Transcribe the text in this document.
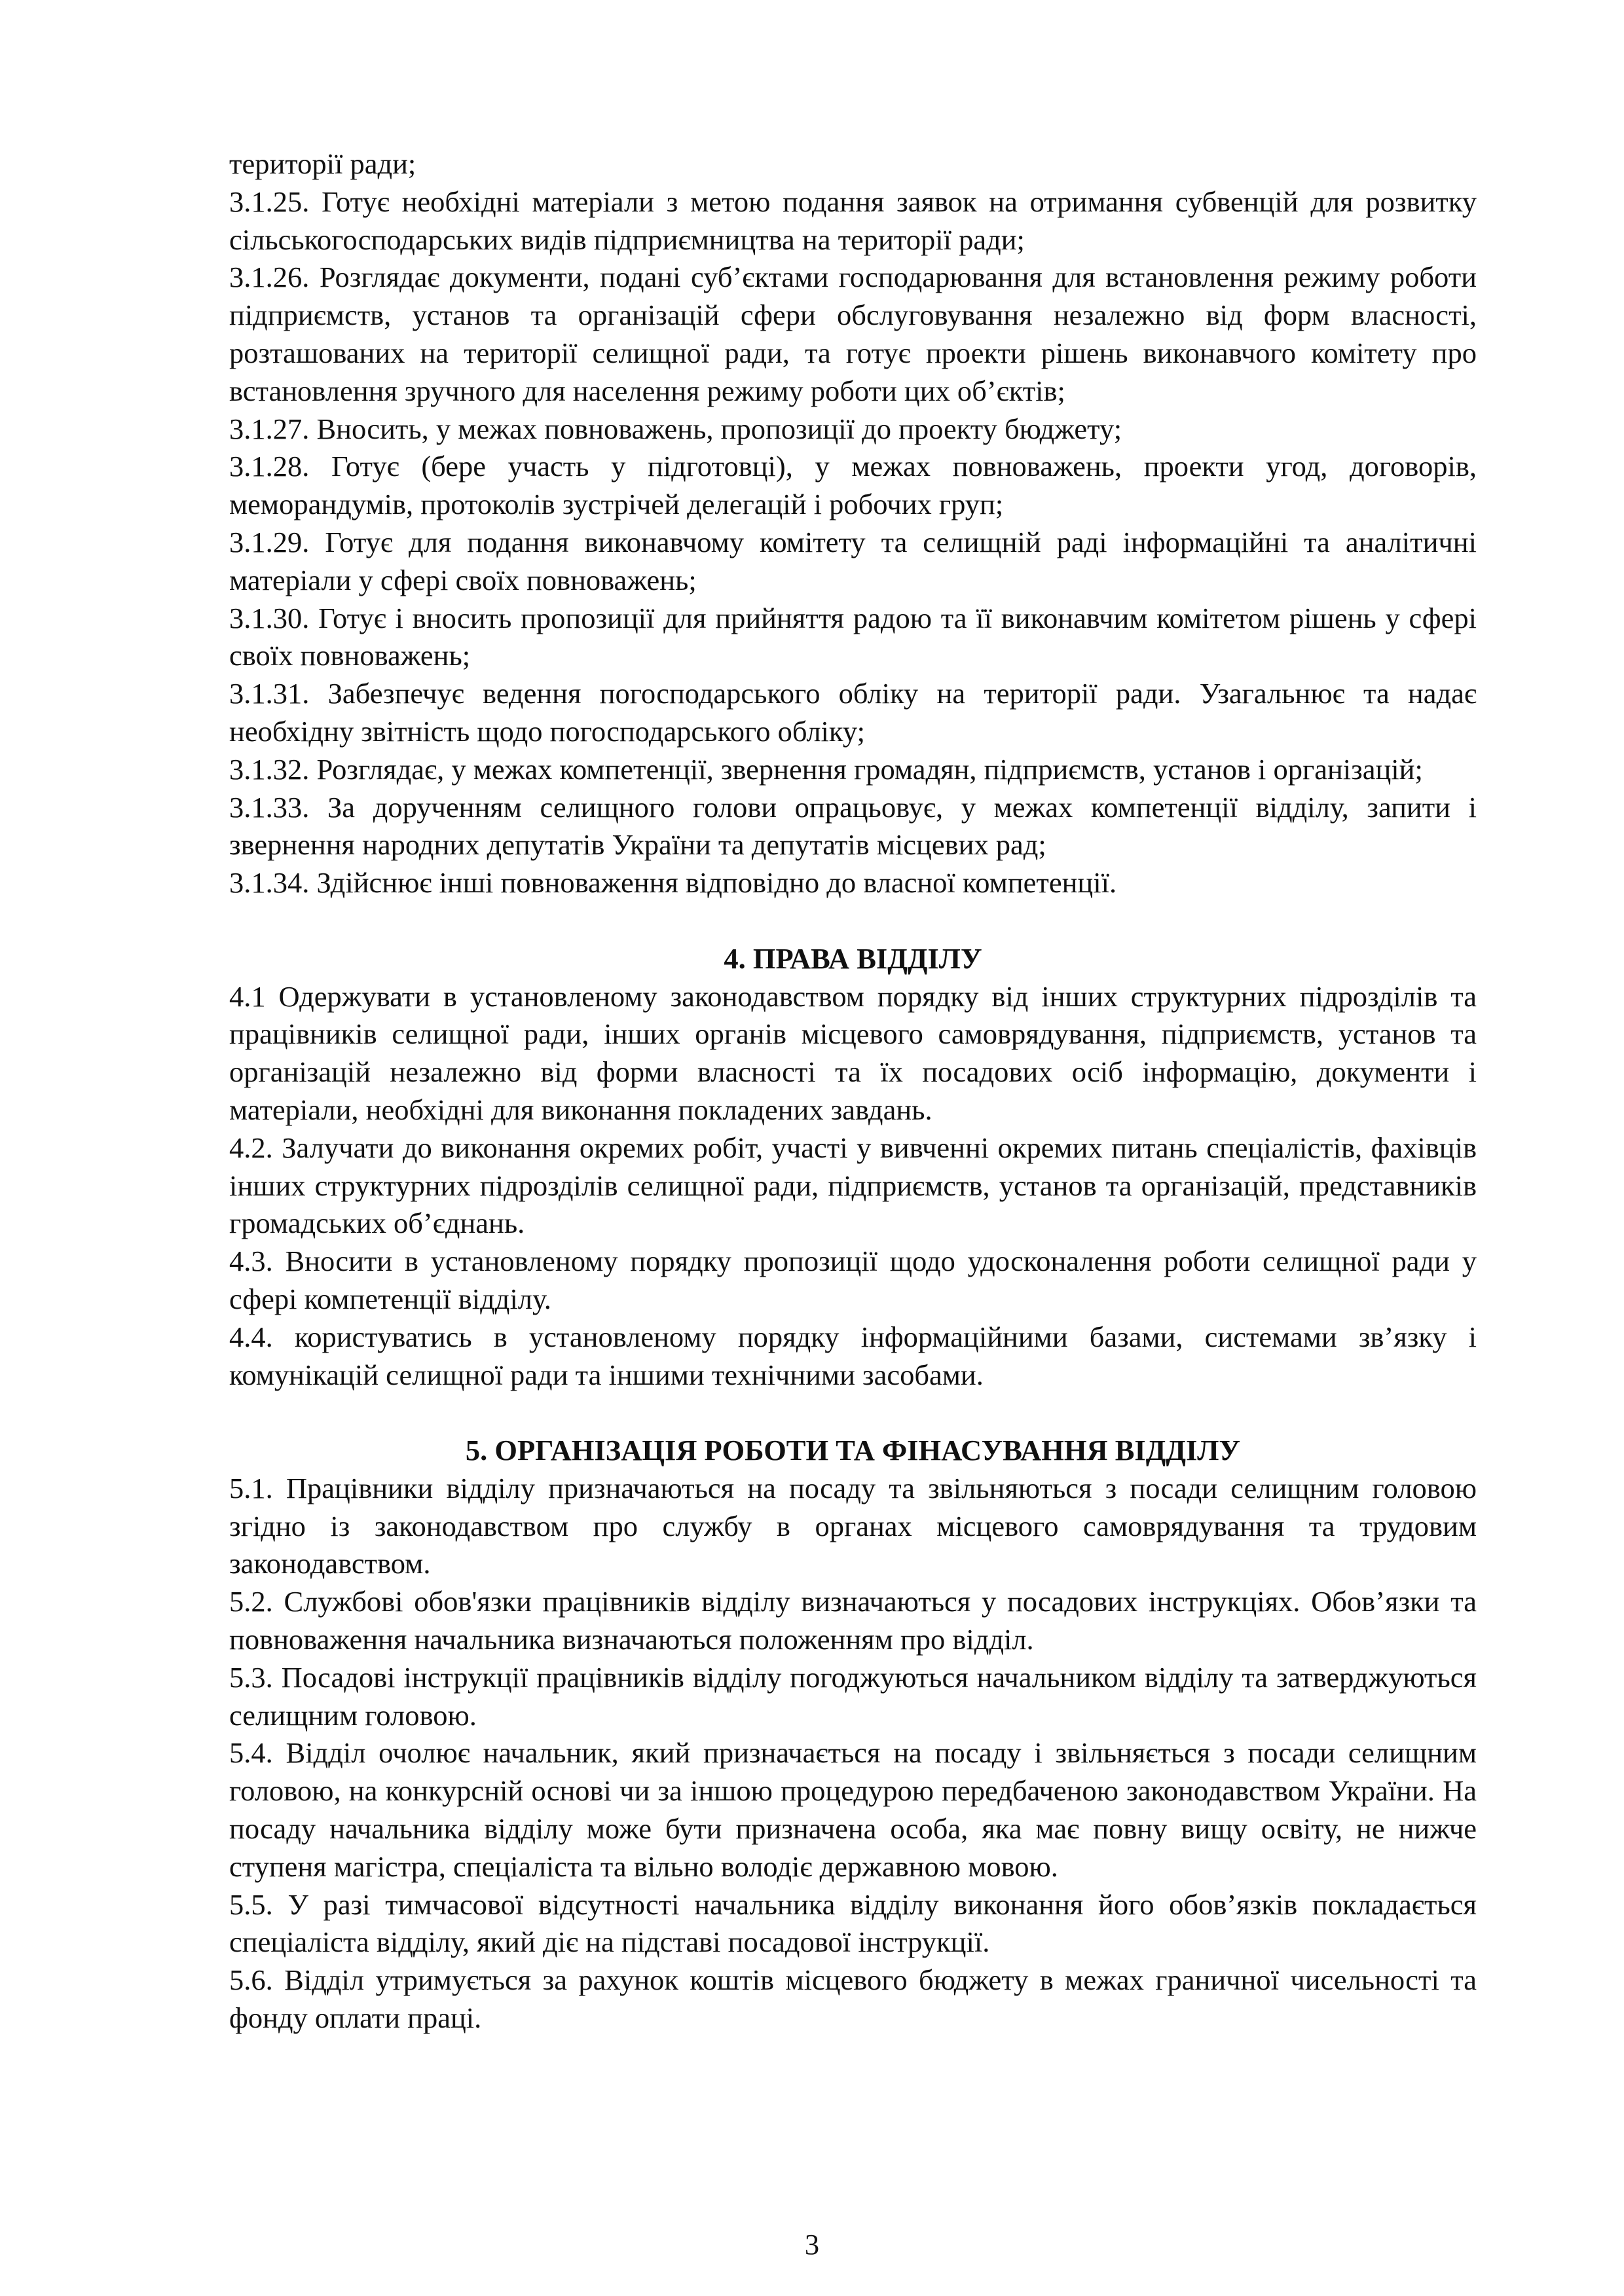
території ради;

3.1.25. Готує необхідні матеріали з метою подання заявок на отримання субвенцій для розвитку сільськогосподарських видів підприємництва на території ради;

3.1.26. Розглядає документи, подані суб’єктами господарювання для встановлення режиму роботи підприємств, установ та організацій сфери обслуговування незалежно від форм власності, розташованих на території селищної ради, та готує проекти рішень виконавчого комітету про встановлення зручного для населення режиму роботи цих об’єктів;

3.1.27. Вносить, у межах повноважень, пропозиції до проекту бюджету;

3.1.28. Готує (бере участь у підготовці), у межах повноважень, проекти угод, договорів, меморандумів, протоколів зустрічей делегацій і робочих груп;

3.1.29. Готує для подання виконавчому комітету та селищній раді інформаційні та аналітичні матеріали у сфері своїх повноважень;

3.1.30. Готує і вносить пропозиції для прийняття радою та її виконавчим комітетом рішень у сфері своїх повноважень;

3.1.31. Забезпечує ведення погосподарського обліку на території ради. Узагальнює та надає необхідну звітність щодо погосподарського обліку;

3.1.32. Розглядає, у межах компетенції, звернення громадян, підприємств, установ і організацій;

3.1.33. За дорученням селищного голови опрацьовує, у межах компетенції відділу, запити і звернення народних депутатів України та депутатів місцевих рад;

3.1.34. Здійснює інші повноваження відповідно до власної компетенції.

4. ПРАВА ВІДДІЛУ

4.1 Одержувати в установленому законодавством порядку від інших структурних підрозділів та працівників селищної ради, інших органів місцевого самоврядування, підприємств, установ та організацій незалежно від форми власності та їх посадових осіб інформацію, документи і матеріали, необхідні для виконання покладених завдань.

4.2. Залучати до виконання окремих робіт, участі у вивченні окремих питань спеціалістів, фахівців інших структурних підрозділів селищної ради, підприємств, установ та організацій, представників громадських об’єднань.

4.3. Вносити в установленому порядку пропозиції щодо удосконалення роботи селищної ради у сфері компетенції відділу.

4.4. користуватись в установленому порядку інформаційними базами, системами зв’язку і комунікацій селищної ради та іншими технічними засобами.

5. ОРГАНІЗАЦІЯ РОБОТИ ТА ФІНАСУВАННЯ ВІДДІЛУ

5.1. Працівники відділу призначаються на посаду та звільняються з посади селищним головою згідно із законодавством про службу в органах місцевого самоврядування та трудовим законодавством.

5.2. Службові обов'язки працівників відділу визначаються у посадових інструкціях. Обов’язки та повноваження начальника визначаються положенням про відділ.

5.3. Посадові інструкції працівників відділу погоджуються начальником відділу та затверджуються селищним головою.

5.4. Відділ очолює начальник, який призначається на посаду і звільняється з посади селищним головою, на конкурсній основі чи за іншою процедурою передбаченою законодавством України. На посаду начальника відділу може бути призначена особа, яка має повну вищу освіту, не нижче ступеня магістра, спеціаліста та вільно володіє державною мовою.

5.5. У разі тимчасової відсутності начальника відділу виконання його обов’язків покладається спеціаліста відділу, який діє на підставі посадової інструкції.

5.6. Відділ утримується за рахунок коштів місцевого бюджету в межах граничної чисельності та фонду оплати праці.

3
